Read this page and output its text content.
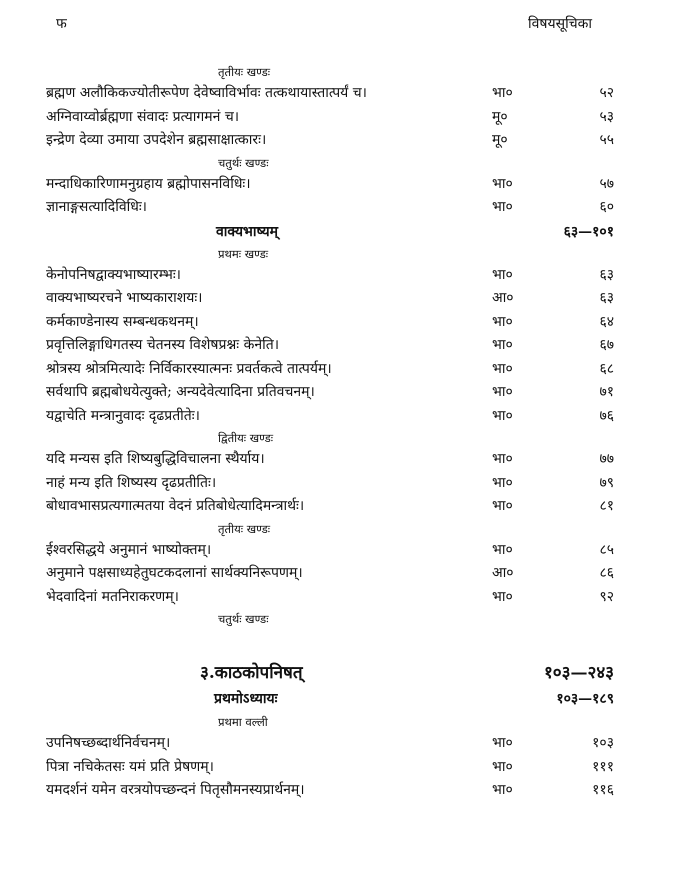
फ	विषयसूचिका
तृतीयः खण्डः
ब्रह्मण अलौकिकज्योतीरूपेण देवेष्वाविर्भावः तत्कथायास्तात्पर्यं च।	भा०	५२
अग्निवाय्वोर्ब्रह्मणा संवादः प्रत्यागमनं च।	मू०	५३
इन्द्रेण देव्या उमाया उपदेशेन ब्रह्मसाक्षात्कारः।	मू०	५५
चतुर्थः खण्डः
मन्दाधिकारिणामनुग्रहाय ब्रह्मोपासनविधिः।	भा०	५७
ज्ञानाङ्गसत्यादिविधिः।	भा०	६०
वाक्यभाष्यम्	६३—१०१
प्रथमः खण्डः
केनोपनिषद्वाक्यभाष्यारम्भः।	भा०	६३
वाक्यभाष्यरचने भाष्यकाराशयः।	आ०	६३
कर्मकाण्डेनास्य सम्बन्धकथनम्।	भा०	६४
प्रवृत्तिलिङ्गाधिगतस्य चेतनस्य विशेषप्रश्नः केनेति।	भा०	६७
श्रोत्रस्य श्रोत्रमित्यादेः निर्विकारस्यात्मनः प्रवर्तकत्वे तात्पर्यम्।	भा०	६८
सर्वथापि ब्रह्मबोधयेत्युक्ते; अन्यदेवेत्यादिना प्रतिवचनम्।	भा०	७१
यद्वाचेति मन्त्रानुवादः दृढप्रतीतेः।	भा०	७६
द्वितीयः खण्डः
यदि मन्यस इति शिष्यबुद्धिविचालना स्थैर्याय।	भा०	७७
नाहं मन्य इति शिष्यस्य दृढप्रतीतिः।	भा०	७९
बोधावभासप्रत्यगात्मतया वेदनं प्रतिबोधेत्यादिमन्त्रार्थः।	भा०	८१
तृतीयः खण्डः
ईश्वरसिद्धये अनुमानं भाष्योक्तम्।	भा०	८५
अनुमाने पक्षसाध्यहेतुघटकदलानां सार्थक्यनिरूपणम्।	आ०	८६
भेदवादिनां मतनिराकरणम्।	भा०	९२
चतुर्थः खण्डः
३.काठकोपनिषत्	१०३—२४३
प्रथमोऽध्यायः	१०३—१८९
प्रथमा वल्ली
उपनिषच्छब्दार्थनिर्वचनम्।	भा०	१०३
पित्रा नचिकेतसः यमं प्रति प्रेषणम्।	भा०	१११
यमदर्शनं यमेन वरत्रयोपच्छन्दनं पितृसौमनस्यप्रार्थनम्।	भा०	११६
